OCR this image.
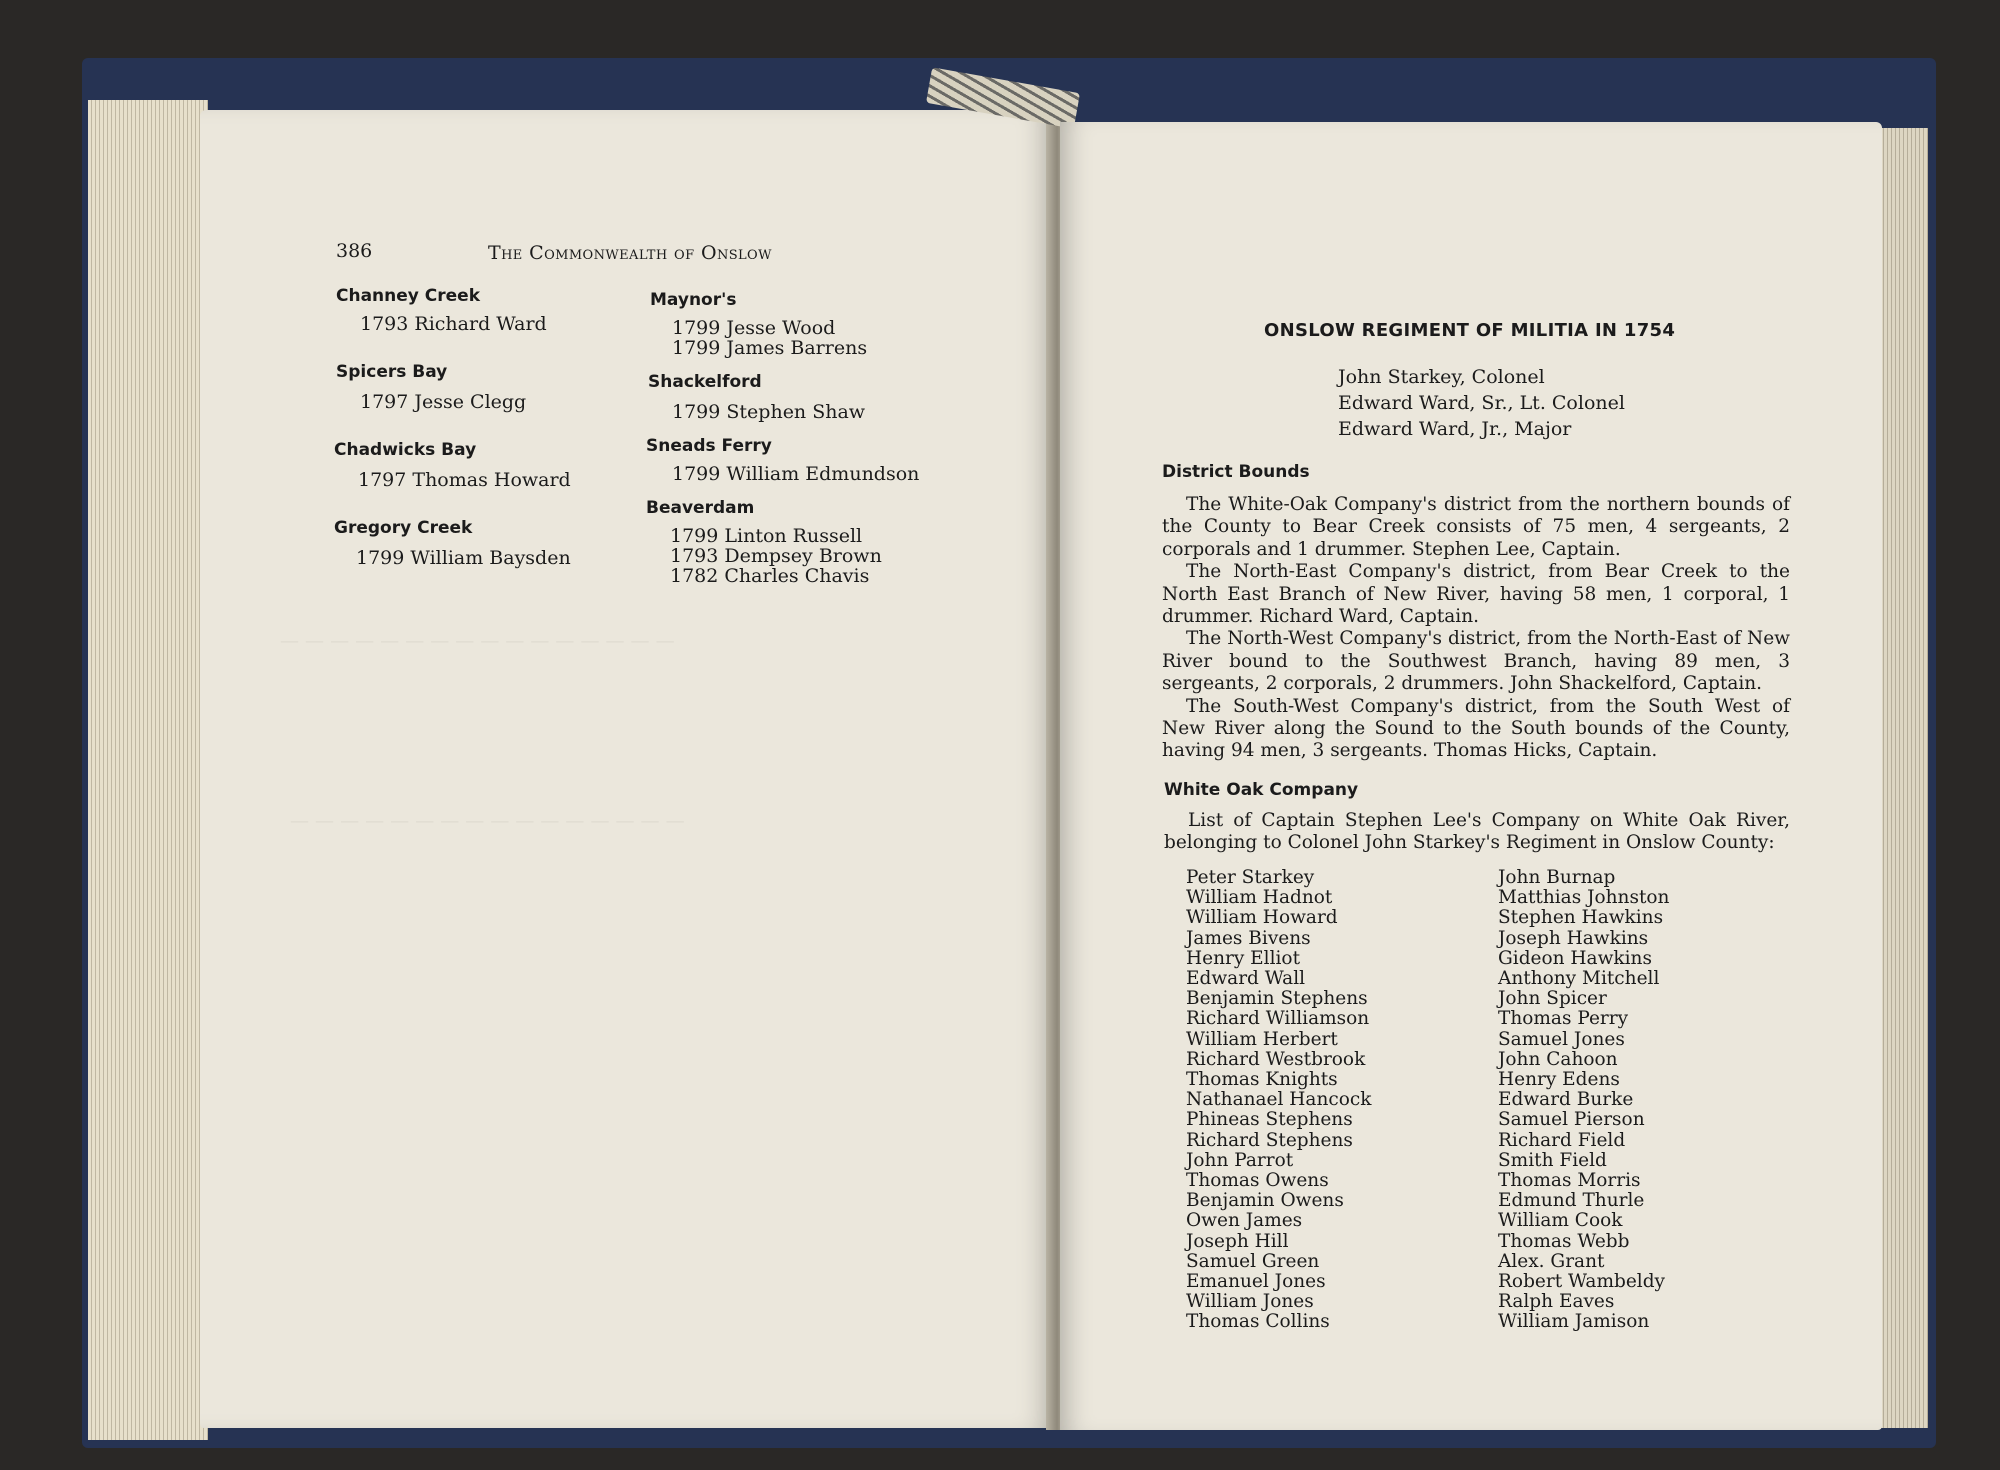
386	The Commonwealth of Onslow
Channey Creek
1793 Richard Ward
Spicers Bay
1797 Jesse Clegg
Chadwicks Bay
1797 Thomas Howard
Gregory Creek
1799 William Baysden
Maynor's
1799 Jesse Wood
1799 James Barrens
Shackelford
1799 Stephen Shaw
Sneads Ferry
1799 William Edmundson
Beaverdam
1799 Linton Russell
1793 Dempsey Brown
1782 Charles Chavis
— — — — — — — — — — — — — — — —
— — — — — — — — — — — — — — — —
ONSLOW REGIMENT OF MILITIA IN 1754
John Starkey, Colonel
Edward Ward, Sr., Lt. Colonel
Edward Ward, Jr., Major
District Bounds

The White-Oak Company's district from the northern bounds of the County to Bear Creek consists of 75 men, 4 sergeants, 2 corporals and 1 drummer. Stephen Lee, Captain.

The North-East Company's district, from Bear Creek to the North East Branch of New River, having 58 men, 1 corporal, 1 drummer. Richard Ward, Captain.

The North-West Company's district, from the North-East of New River bound to the Southwest Branch, having 89 men, 3 sergeants, 2 corporals, 2 drummers. John Shackelford, Captain.

The South-West Company's district, from the South West of New River along the Sound to the South bounds of the County, having 94 men, 3 sergeants. Thomas Hicks, Captain.

White Oak Company

List of Captain Stephen Lee's Company on White Oak River, belonging to Colonel John Starkey's Regiment in Onslow County:

Peter Starkey
William Hadnot
William Howard
James Bivens
Henry Elliot
Edward Wall
Benjamin Stephens
Richard Williamson
William Herbert
Richard Westbrook
Thomas Knights
Nathanael Hancock
Phineas Stephens
Richard Stephens
John Parrot
Thomas Owens
Benjamin Owens
Owen James
Joseph Hill
Samuel Green
Emanuel Jones
William Jones
Thomas Collins
John Burnap
Matthias Johnston
Stephen Hawkins
Joseph Hawkins
Gideon Hawkins
Anthony Mitchell
John Spicer
Thomas Perry
Samuel Jones
John Cahoon
Henry Edens
Edward Burke
Samuel Pierson
Richard Field
Smith Field
Thomas Morris
Edmund Thurle
William Cook
Thomas Webb
Alex. Grant
Robert Wambeldy
Ralph Eaves
William Jamison
